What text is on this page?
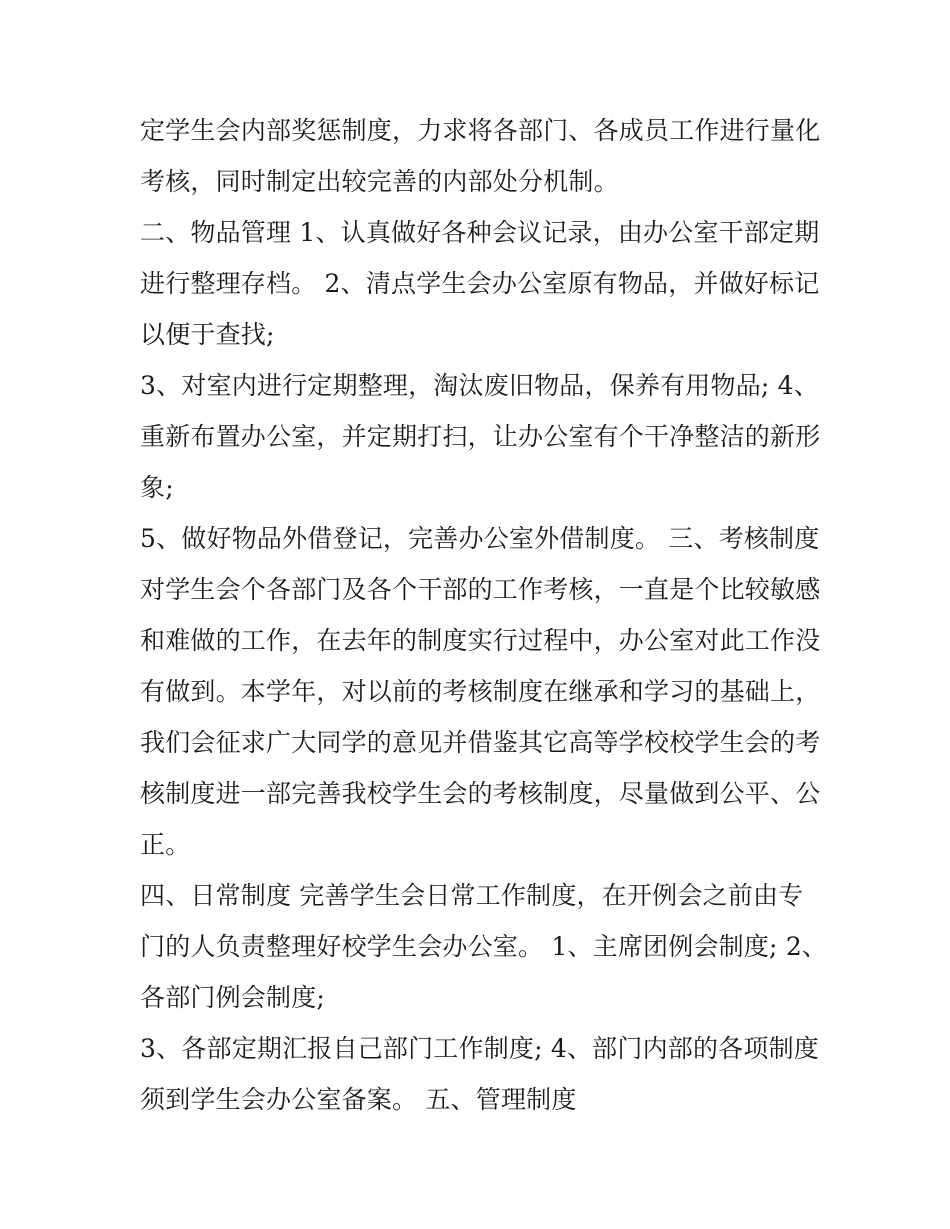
定学生会内部奖惩制度，力求将各部门、各成员工作进行量化
考核，同时制定出较完善的内部处分机制。
二、物品管理 1、认真做好各种会议记录，由办公室干部定期
进行整理存档。 2、清点学生会办公室原有物品，并做好标记
以便于查找;
3、对室内进行定期整理，淘汰废旧物品，保养有用物品; 4、
重新布置办公室，并定期打扫，让办公室有个干净整洁的新形
象;
5、做好物品外借登记，完善办公室外借制度。 三、考核制度
对学生会个各部门及各个干部的工作考核，一直是个比较敏感
和难做的工作，在去年的制度实行过程中，办公室对此工作没
有做到。本学年，对以前的考核制度在继承和学习的基础上，
我们会征求广大同学的意见并借鉴其它高等学校校学生会的考
核制度进一部完善我校学生会的考核制度，尽量做到公平、公
正。
四、日常制度 完善学生会日常工作制度，在开例会之前由专
门的人负责整理好校学生会办公室。 1、主席团例会制度; 2、
各部门例会制度;
3、各部定期汇报自己部门工作制度; 4、部门内部的各项制度
须到学生会办公室备案。 五、管理制度
